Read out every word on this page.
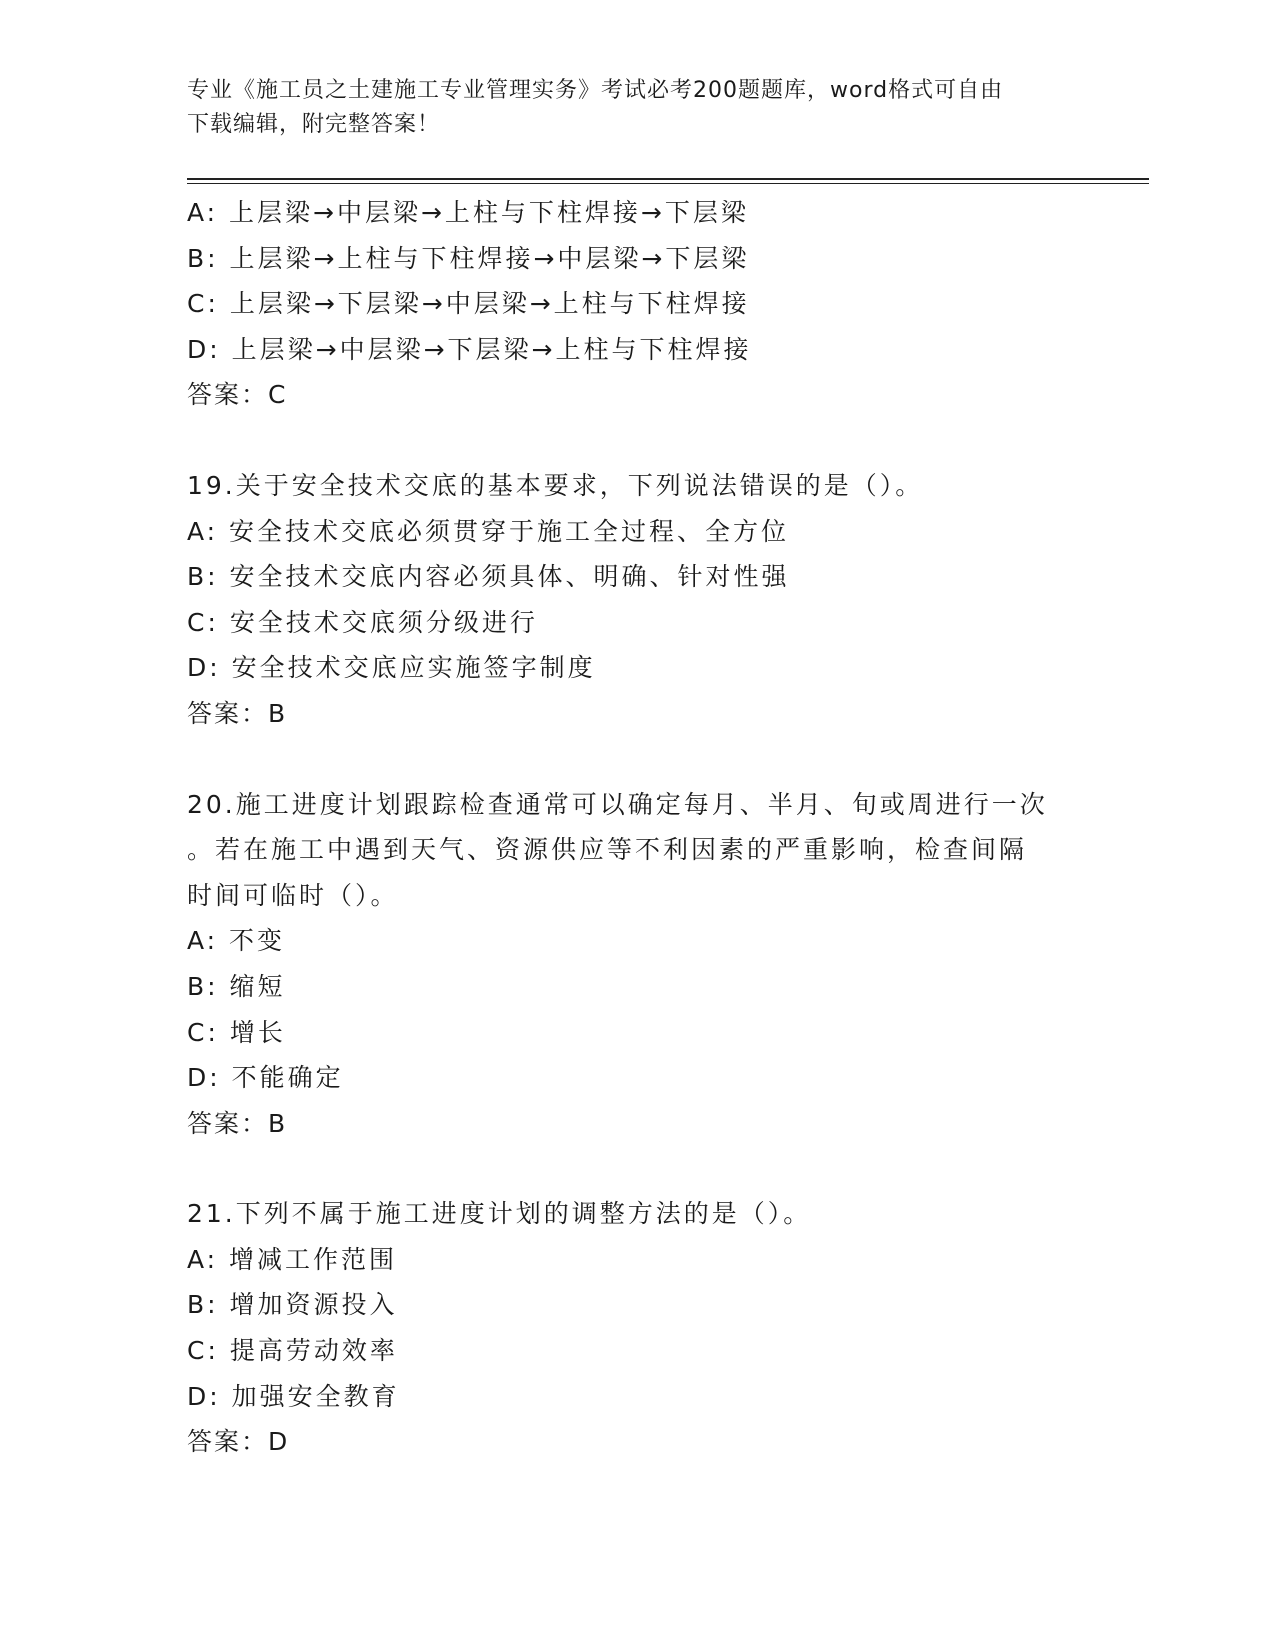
专业《施工员之土建施工专业管理实务》考试必考200题题库，word格式可自由
下载编辑，附完整答案！
A: 上层梁→中层梁→上柱与下柱焊接→下层梁
B: 上层梁→上柱与下柱焊接→中层梁→下层梁
C: 上层梁→下层梁→中层梁→上柱与下柱焊接
D: 上层梁→中层梁→下层梁→上柱与下柱焊接
答案：C
19.关于安全技术交底的基本要求，下列说法错误的是（）。
A: 安全技术交底必须贯穿于施工全过程、全方位
B: 安全技术交底内容必须具体、明确、针对性强
C: 安全技术交底须分级进行
D: 安全技术交底应实施签字制度
答案：B
20.施工进度计划跟踪检查通常可以确定每月、半月、旬或周进行一次
。若在施工中遇到天气、资源供应等不利因素的严重影响，检查间隔
时间可临时（）。
A: 不变
B: 缩短
C: 增长
D: 不能确定
答案：B
21.下列不属于施工进度计划的调整方法的是（）。
A: 增减工作范围
B: 增加资源投入
C: 提高劳动效率
D: 加强安全教育
答案：D
